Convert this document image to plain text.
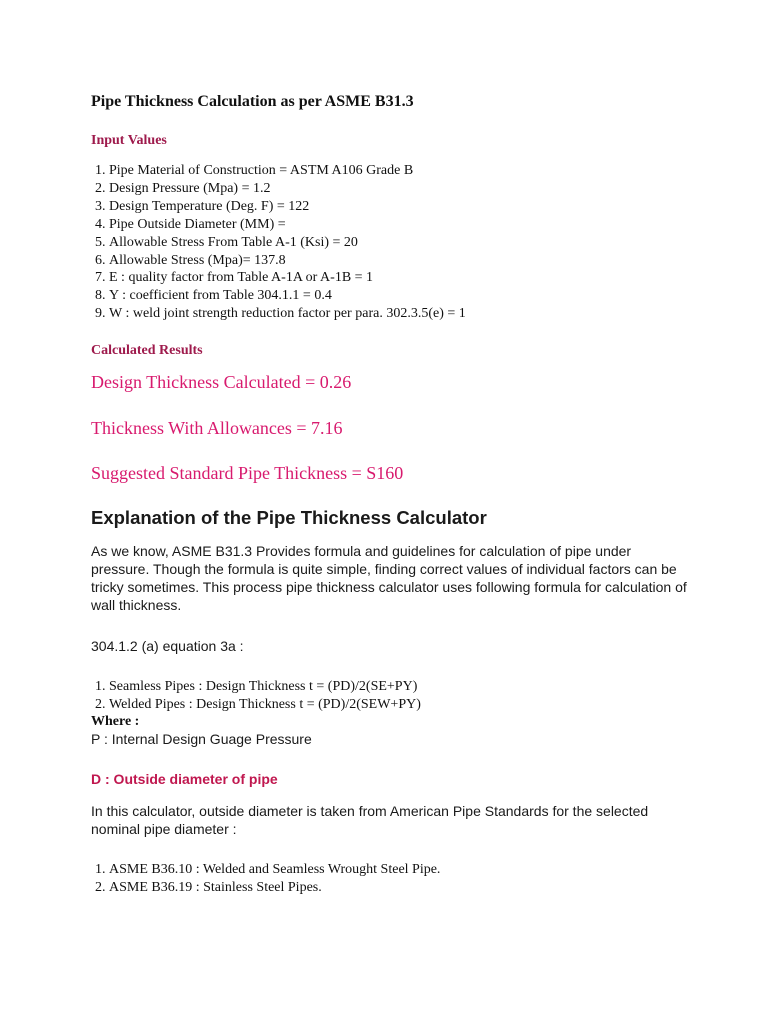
Pipe Thickness Calculation as per ASME B31.3
Input Values
1. Pipe Material of Construction = ASTM A106 Grade B
2. Design Pressure (Mpa) = 1.2
3. Design Temperature (Deg. F) = 122
4. Pipe Outside Diameter (MM) =
5. Allowable Stress From Table A-1 (Ksi) = 20
6. Allowable Stress (Mpa)= 137.8
7. E : quality factor from Table A-1A or A-1B = 1
8. Y : coefficient from Table 304.1.1 = 0.4
9. W : weld joint strength reduction factor per para. 302.3.5(e) = 1
Calculated Results

Design Thickness Calculated = 0.26

Thickness With Allowances = 7.16

Suggested Standard Pipe Thickness = S160

Explanation of the Pipe Thickness Calculator

As we know, ASME B31.3 Provides formula and guidelines for calculation of pipe under pressure. Though the formula is quite simple, finding correct values of individual factors can be tricky sometimes. This process pipe thickness calculator uses following formula for calculation of wall thickness.

304.1.2 (a) equation 3a :

1. Seamless Pipes : Design Thickness t = (PD)/2(SE+PY)
2. Welded Pipes : Design Thickness t = (PD)/2(SEW+PY)

Where :

P : Internal Design Guage Pressure

D : Outside diameter of pipe

In this calculator, outside diameter is taken from American Pipe Standards for the selected nominal pipe diameter :

1. ASME B36.10 : Welded and Seamless Wrought Steel Pipe.
2. ASME B36.19 : Stainless Steel Pipes.
